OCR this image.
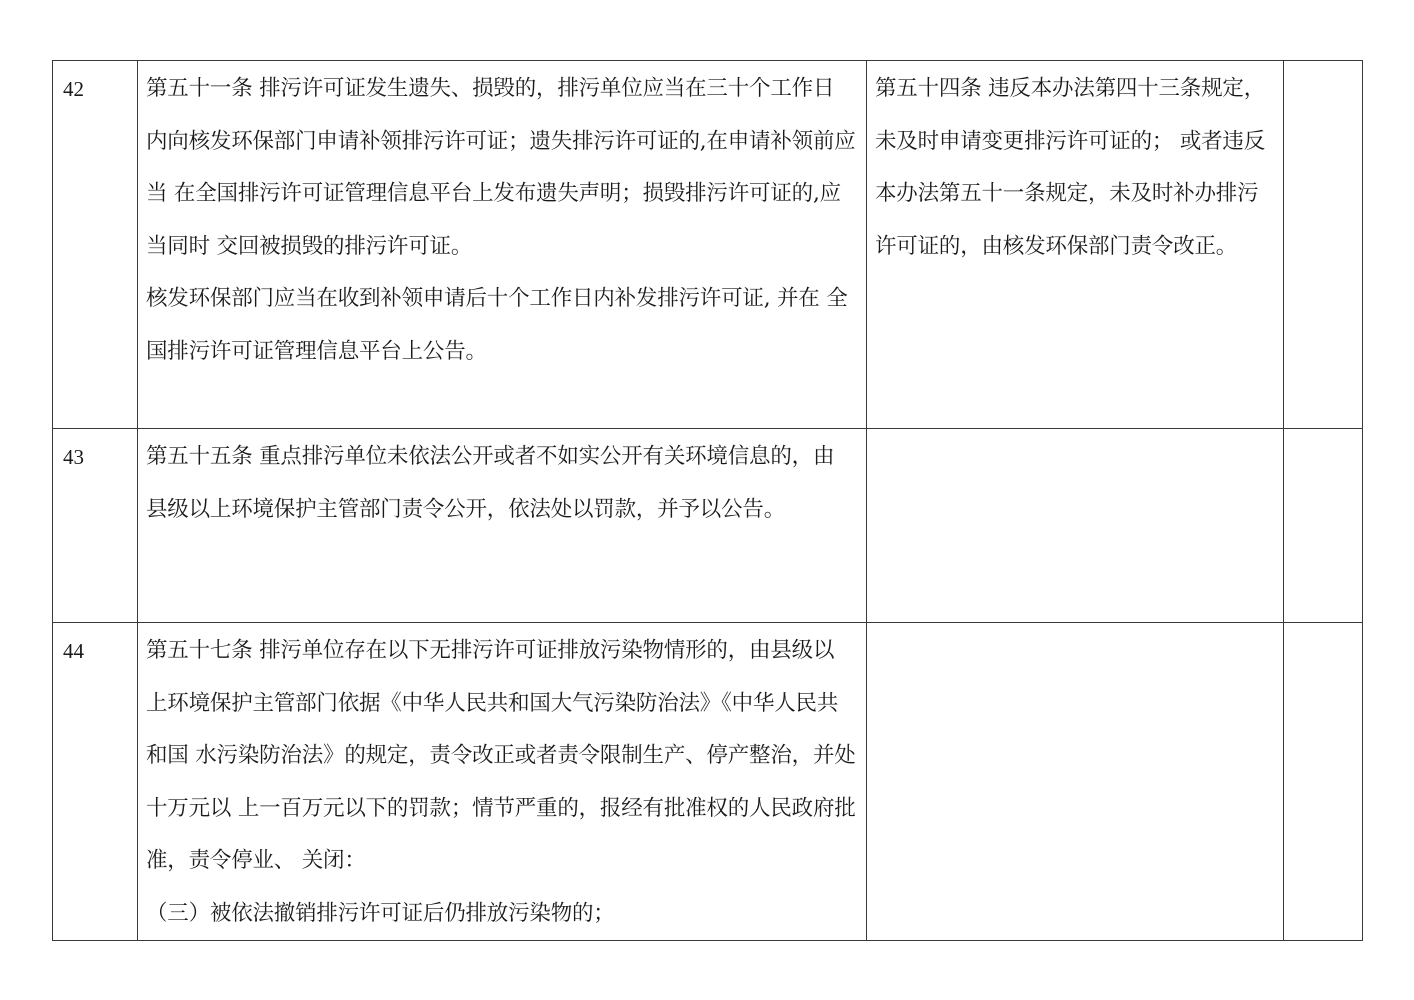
42	第五十一条 排污许可证发生遗失、损毁的，排污单位应当在三十个工作日 内向核发环保部门申请补领排污许可证；遗失排污许可证的,在申请补领前应当 在全国排污许可证管理信息平台上发布遗失声明；损毁排污许可证的,应当同时 交回被损毁的排污许可证。
核发环保部门应当在收到补领申请后十个工作日内补发排污许可证, 并在 全国排污许可证管理信息平台上公告。	第五十四条 违反本办法第四十三条规定，未及时申请变更排污许可证的； 或者违反本办法第五十一条规定，未及时补办排污许可证的，由核发环保部门责令改正。	
43	第五十五条 重点排污单位未依法公开或者不如实公开有关环境信息的，由 县级以上环境保护主管部门责令公开，依法处以罚款，并予以公告。		

44	第五十七条 排污单位存在以下无排污许可证排放污染物情形的，由县级以 上环境保护主管部门依据《中华人民共和国大气污染防治法》《中华人民共和国 水污染防治法》的规定，责令改正或者责令限制生产、停产整治，并处十万元以 上一百万元以下的罚款；情节严重的，报经有批准权的人民政府批准，责令停业、 关闭：
（三）被依法撤销排污许可证后仍排放污染物的；		
